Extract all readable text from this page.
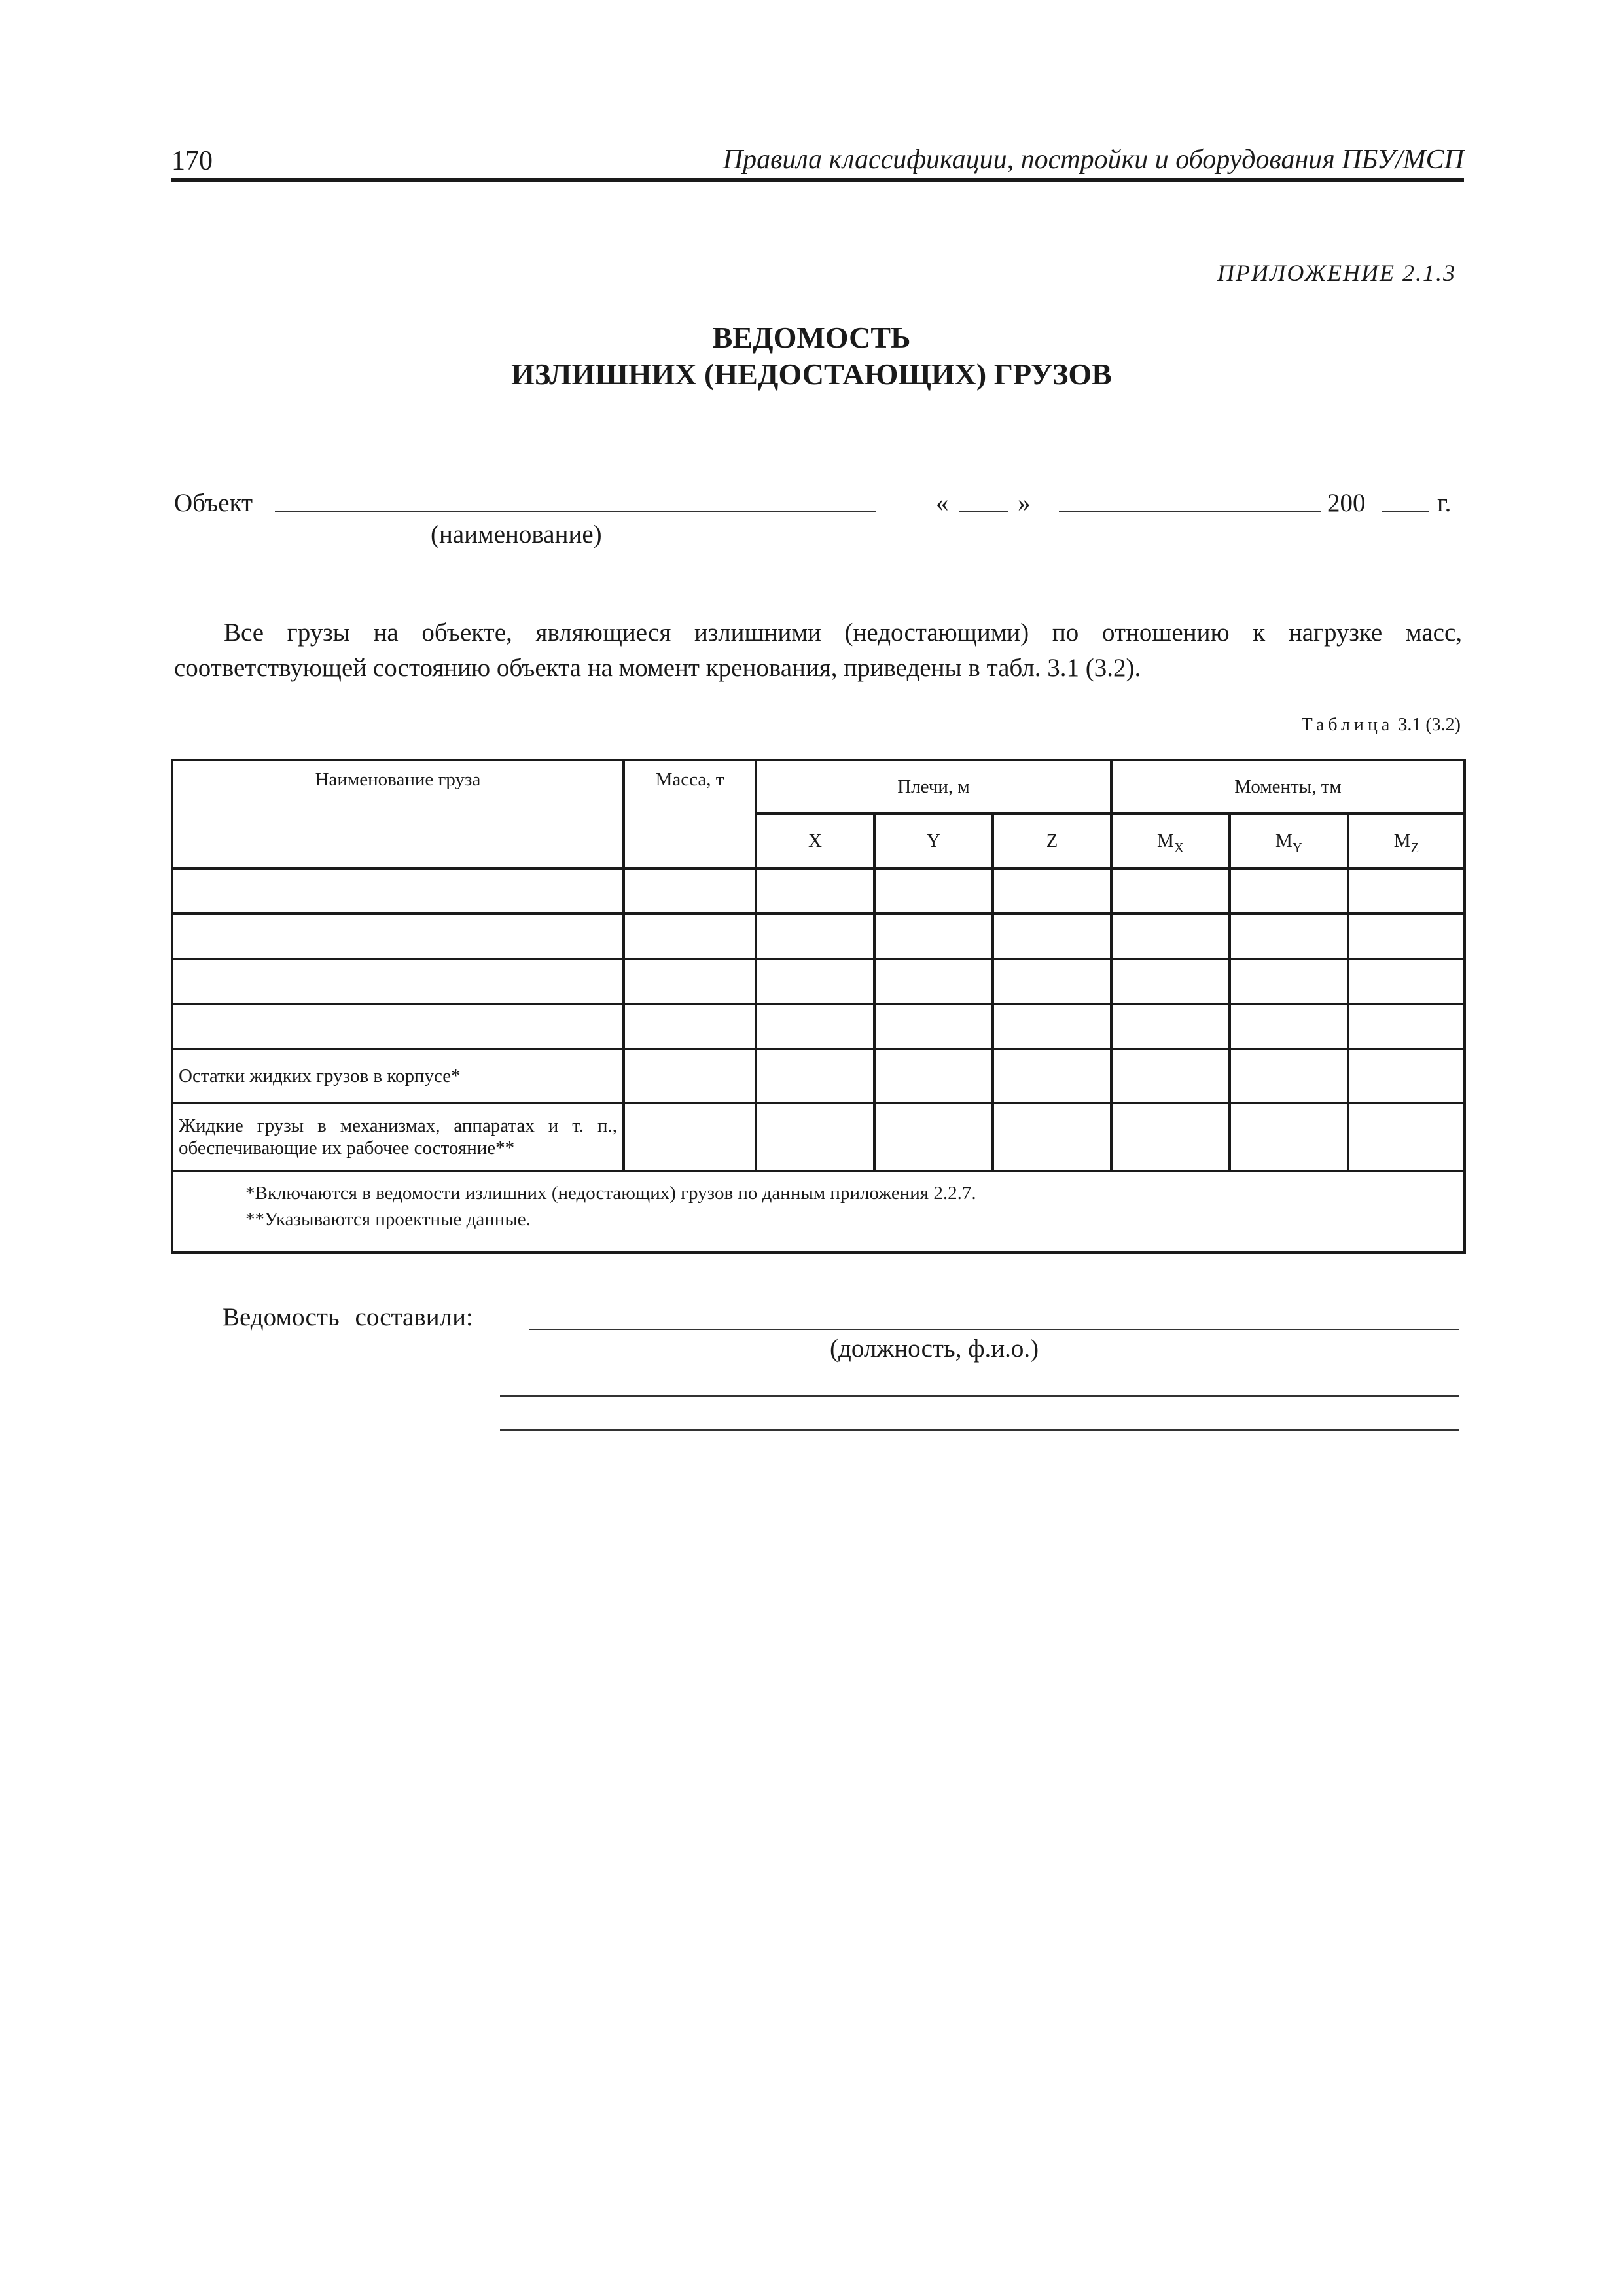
170	Правила классификации, постройки и оборудования ПБУ/МСП
ПРИЛОЖЕНИЕ 2.1.3
ВЕДОМОСТЬ
ИЗЛИШНИХ (НЕДОСТАЮЩИХ) ГРУЗОВ
Объект	«	»	200	г.
(наименование)
Все грузы на объекте, являющиеся излишними (недостающими) по отношению к нагрузке масс, соответствующей состоянию объекта на момент кренования, приведены в табл. 3.1 (3.2).
Таблица 3.1 (3.2)
Наименование груза	Масса, т	Плечи, м			Моменты, тм		
		X	Y	Z	$M_X$	$M_Y$	$M_Z$

Остатки жидких грузов в корпусе*							
Жидкие грузы в механизмах, аппаратах и т. п., обеспечивающие их рабочее состояние**							

*Включаются в ведомости излишних (недостающих) грузов по данным приложения 2.2.7.
**Указываются проектные данные.							
Ведомость составили:
(должность, ф.и.о.)
